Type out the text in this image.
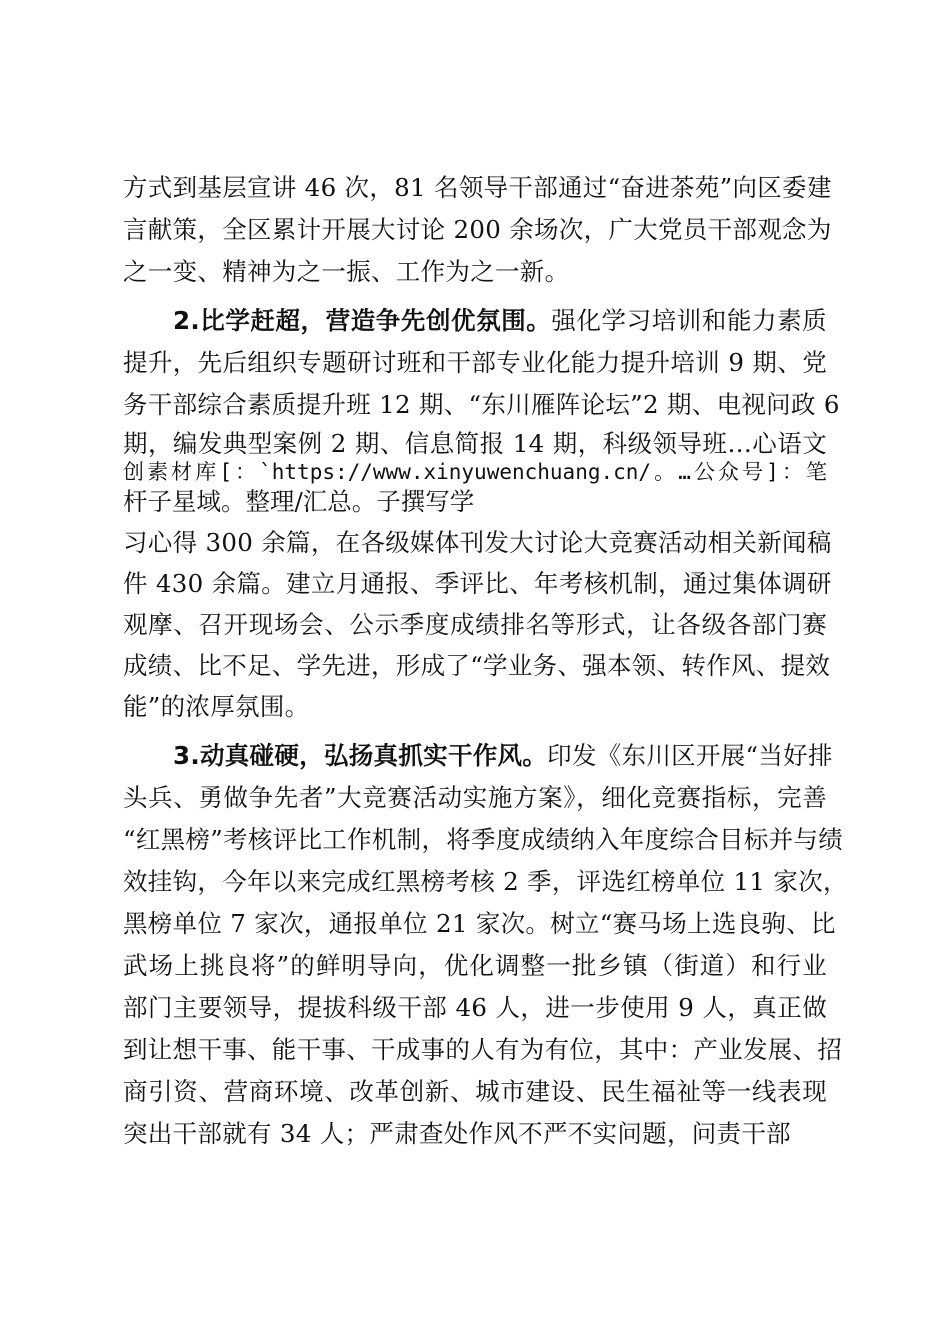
方式到基层宣讲 46 次，81 名领导干部通过“奋进茶苑”向区委建
言献策，全区累计开展大讨论 200 余场次，广大党员干部观念为
之一变、精神为之一振、工作为之一新。
2.比学赶超，营造争先创优氛围。强化学习培训和能力素质
提升，先后组织专题研讨班和干部专业化能力提升培训 9 期、党
务干部综合素质提升班 12 期、“东川雁阵论坛”2 期、电视问政 6
期，编发典型案例 2 期、信息简报 14 期，科级领导班…心语文
创素材库[：`https://www.xinyuwenchuang.cn/。…公众号]：笔
杆子星域。整理/汇总。子撰写学
习心得 300 余篇，在各级媒体刊发大讨论大竞赛活动相关新闻稿
件 430 余篇。建立月通报、季评比、年考核机制，通过集体调研
观摩、召开现场会、公示季度成绩排名等形式，让各级各部门赛
成绩、比不足、学先进，形成了“学业务、强本领、转作风、提效
能”的浓厚氛围。
3.动真碰硬，弘扬真抓实干作风。印发《东川区开展“当好排
头兵、勇做争先者”大竞赛活动实施方案》，细化竞赛指标，完善
“红黑榜”考核评比工作机制，将季度成绩纳入年度综合目标并与绩
效挂钩，今年以来完成红黑榜考核 2 季，评选红榜单位 11 家次，
黑榜单位 7 家次，通报单位 21 家次。树立“赛马场上选良驹、比
武场上挑良将”的鲜明导向，优化调整一批乡镇（街道）和行业
部门主要领导，提拔科级干部 46 人，进一步使用 9 人，真正做
到让想干事、能干事、干成事的人有为有位，其中：产业发展、招
商引资、营商环境、改革创新、城市建设、民生福祉等一线表现
突出干部就有 34 人；严肃查处作风不严不实问题，问责干部
